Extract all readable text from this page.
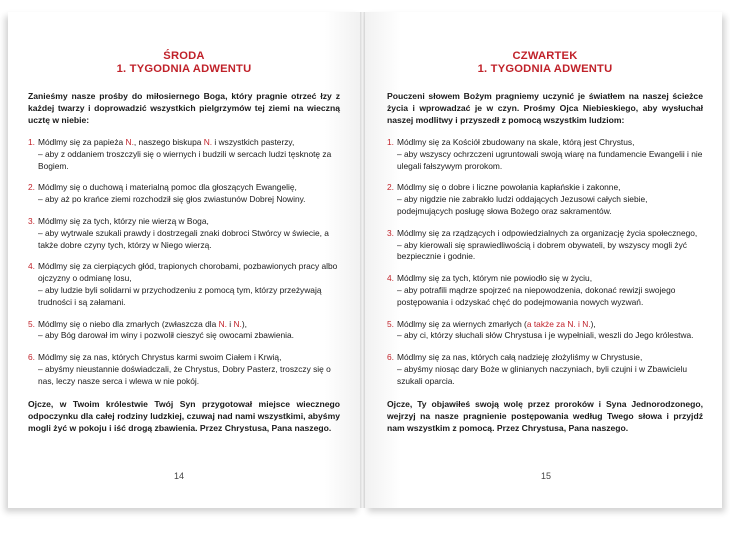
ŚRODA
1. TYGODNIA ADWENTU

Zanieśmy nasze prośby do miłosiernego Boga, który pragnie otrzeć łzy z każdej twarzy i doprowadzić wszystkich pielgrzymów tej ziemi na wieczną ucztę w niebie:

1. Módlmy się za papieża N., naszego biskupa N. i wszystkich pasterzy,
– aby z oddaniem troszczyli się o wiernych i budzili w sercach ludzi tęsknotę za Bogiem.
2. Módlmy się o duchową i materialną pomoc dla głoszących Ewangelię,
– aby aż po krańce ziemi rozchodził się głos zwiastunów Dobrej Nowiny.
3. Módlmy się za tych, którzy nie wierzą w Boga,
– aby wytrwale szukali prawdy i dostrzegali znaki dobroci Stwórcy w świecie, a także dobre czyny tych, którzy w Niego wierzą.
4. Módlmy się za cierpiących głód, trapionych chorobami, pozbawionych pracy albo ojczyzny o odmianę losu,
– aby ludzie byli solidarni w przychodzeniu z pomocą tym, którzy przeżywają trudności i są załamani.
5. Módlmy się o niebo dla zmarłych (zwłaszcza dla N. i N.),
– aby Bóg darował im winy i pozwolił cieszyć się owocami zbawienia.
6. Módlmy się za nas, których Chrystus karmi swoim Ciałem i Krwią,
– abyśmy nieustannie doświadczali, że Chrystus, Dobry Pasterz, troszczy się o nas, leczy nasze serca i wlewa w nie pokój.

Ojcze, w Twoim królestwie Twój Syn przygotował miejsce wiecznego odpoczynku dla całej rodziny ludzkiej, czuwaj nad nami wszystkimi, abyśmy mogli żyć w pokoju i iść drogą zbawienia. Przez Chrystusa, Pana naszego.

14
CZWARTEK
1. TYGODNIA ADWENTU

Pouczeni słowem Bożym pragniemy uczynić je światłem na naszej ścieżce życia i wprowadzać je w czyn. Prośmy Ojca Niebieskiego, aby wysłuchał naszej modlitwy i przyszedł z pomocą wszystkim ludziom:

1. Módlmy się za Kościół zbudowany na skale, którą jest Chrystus,
– aby wszyscy ochrzczeni ugruntowali swoją wiarę na fundamencie Ewangelii i nie ulegali fałszywym prorokom.
2. Módlmy się o dobre i liczne powołania kapłańskie i zakonne,
– aby nigdzie nie zabrakło ludzi oddających Jezusowi całych siebie, podejmujących posługę słowa Bożego oraz sakramentów.
3. Módlmy się za rządzących i odpowiedzialnych za organizację życia społecznego,
– aby kierowali się sprawiedliwością i dobrem obywateli, by wszyscy mogli żyć bezpiecznie i godnie.
4. Módlmy się za tych, którym nie powiodło się w życiu,
– aby potrafili mądrze spojrzeć na niepowodzenia, dokonać rewizji swojego postępowania i odzyskać chęć do podejmowania nowych wyzwań.
5. Módlmy się za wiernych zmarłych (a także za N. i N.),
– aby ci, którzy słuchali słów Chrystusa i je wypełniali, weszli do Jego królestwa.
6. Módlmy się za nas, których całą nadzieję złożyliśmy w Chrystusie,
– abyśmy niosąc dary Boże w glinianych naczyniach, byli czujni i w Zbawicielu szukali oparcia.

Ojcze, Ty objawiłeś swoją wolę przez proroków i Syna Jednorodzonego, wejrzyj na nasze pragnienie postępowania według Twego słowa i przyjdź nam wszystkim z pomocą. Przez Chrystusa, Pana naszego.

15
